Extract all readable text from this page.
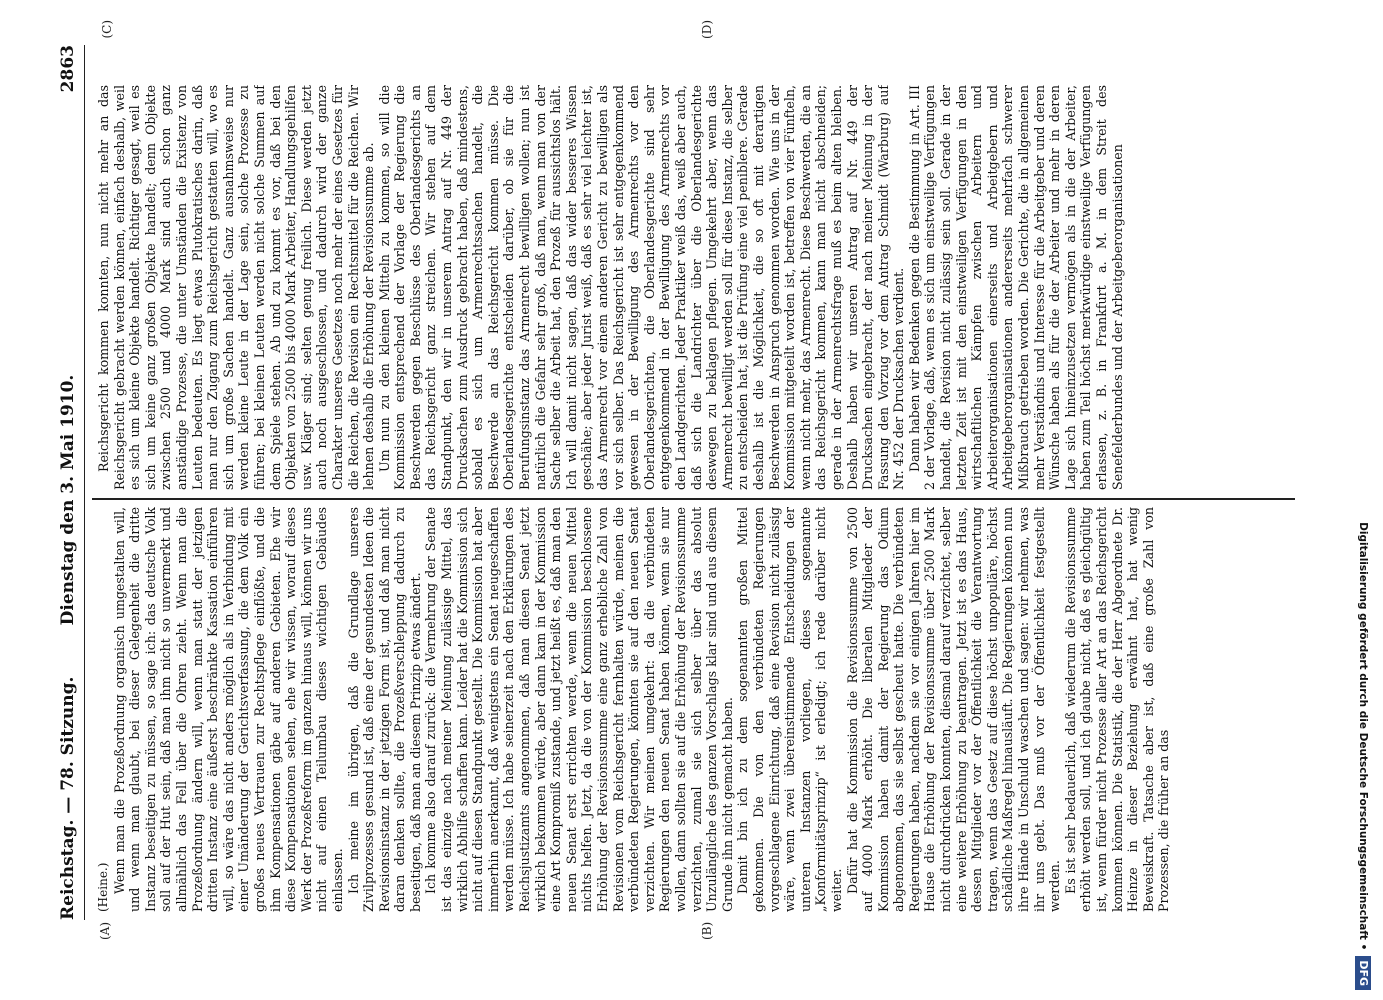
Reichstag. — 78. Sitzung.
Dienstag den 3. Mai 1910.
2863
(A)	(B)
(C)	(D)
(Heine.) Wenn man die Prozeßordnung organisch umgestalten will, und wenn man glaubt, bei dieser Gelegenheit die dritte Instanz beseitigen zu müssen, so sage ich: das deutsche Volk soll auf der Hut sein, daß man ihm nicht so unvermerkt und allmählich das Fell über die Ohren zieht. Wenn man die Prozeßordnung ändern will, wenn man statt der jetzigen dritten Instanz eine äußerst beschränkte Kassation einführen will, so wäre das nicht anders möglich als in Verbindung mit einer Umänderung der Gerichtsverfassung, die dem Volk ein großes neues Vertrauen zur Rechtspflege einflößte, und die ihm Kompensationen gäbe auf anderen Gebieten. Ehe wir diese Kompensationen sehen, ehe wir wissen, worauf dieses Werk der Prozeßreform im ganzen hinaus will, können wir uns nicht auf einen Teilumbau dieses wichtigen Gebäudes einlassen. Ich meine im übrigen, daß die Grundlage unseres Zivilprozesses gesund ist, daß eine der gesundesten Ideen die Revisionsinstanz in der jetzigen Form ist, und daß man nicht daran denken sollte, die Prozeßverschleppung dadurch zu beseitigen, daß man an diesem Prinzip etwas ändert. Ich komme also darauf zurück: die Vermehrung der Senate ist das einzige nach meiner Meinung zulässige Mittel, das wirklich Abhilfe schaffen kann. Leider hat die Kommission sich nicht auf diesen Standpunkt gestellt. Die Kommission hat aber immerhin anerkannt, daß wenigstens ein Senat neugeschaffen werden müsse. Ich habe seinerzeit nach den Erklärungen des Reichsjustizamts angenommen, daß man diesen Senat jetzt wirklich bekommen würde, aber dann kam in der Kommission eine Art Kompromiß zustande, und jetzt heißt es, daß man den neuen Senat erst errichten werde, wenn die neuen Mittel nichts helfen. Jetzt, da die von der Kommission beschlossene Erhöhung der Revisionssumme eine ganz erhebliche Zahl von Revisionen vom Reichsgericht fernhalten würde, meinen die verbündeten Regierungen, könnten sie auf den neuen Senat verzichten. Wir meinen umgekehrt: da die verbündeten Regierungen den neuen Senat haben können, wenn sie nur wollen, dann sollten sie auf die Erhöhung der Revisionssumme verzichten, zumal sie sich selber über das absolut Unzulängliche des ganzen Vorschlags klar sind und aus diesem Grunde ihn nicht gemacht haben. Damit bin ich zu dem sogenannten großen Mittel gekommen. Die von den verbündeten Regierungen vorgeschlagene Einrichtung, daß eine Revision nicht zulässig wäre, wenn zwei übereinstimmende Entscheidungen der unteren Instanzen vorliegen, dieses sogenannte „Konformitätsprinzip“ ist erledigt; ich rede darüber nicht weiter. Dafür hat die Kommission die Revisionssumme von 2500 auf 4000 Mark erhöht. Die liberalen Mitglieder der Kommission haben damit der Regierung das Odium abgenommen, das sie selbst gescheut hatte. Die verbündeten Regierungen haben, nachdem sie vor einigen Jahren hier im Hause die Erhöhung der Revisionssumme über 2500 Mark nicht durchdrücken konnten, diesmal darauf verzichtet, selber eine weitere Erhöhung zu beantragen. Jetzt ist es das Haus, dessen Mitglieder vor der Öffentlichkeit die Verantwortung tragen, wenn das Gesetz auf diese höchst unpopuläre, höchst schädliche Maßregel hinausläuft. Die Regierungen können nun ihre Hände in Unschuld waschen und sagen: wir nehmen, was ihr uns gebt. Das muß vor der Öffentlichkeit festgestellt werden. Es ist sehr bedauerlich, daß wiederum die Revisionssumme erhöht werden soll, und ich glaube nicht, daß es gleichgültig ist, wenn fürder nicht Prozesse aller Art an das Reichsgericht kommen können. Die Statistik, die der Herr Abgeordnete Dr. Heinze in dieser Beziehung erwähnt hat, hat wenig Beweiskraft. Tatsache aber ist, daß eine große Zahl von Prozessen, die früher an das

Reichsgericht kommen konnten, nun nicht mehr an das Reichsgericht gebracht werden können, einfach deshalb, weil es sich um kleine Objekte handelt. Richtiger gesagt, weil es sich um keine ganz großen Objekte handelt; denn Objekte zwischen 2500 und 4000 Mark sind auch schon ganz anständige Prozesse, die unter Umständen die Existenz von Leuten bedeuten. Es liegt etwas Plutokratisches darin, daß man nur den Zugang zum Reichsgericht gestatten will, wo es sich um große Sachen handelt. Ganz ausnahmsweise nur werden kleine Leute in der Lage sein, solche Prozesse zu führen; bei kleinen Leuten werden nicht solche Summen auf dem Spiele stehen. Ab und zu kommt es vor, daß bei den Objekten von 2500 bis 4000 Mark Arbeiter, Handlungsgehilfen usw. Kläger sind; selten genug freilich. Diese werden jetzt auch noch ausgeschlossen, und dadurch wird der ganze Charakter unseres Gesetzes noch mehr der eines Gesetzes für die Reichen, die Revision ein Rechtsmittel für die Reichen. Wir lehnen deshalb die Erhöhung der Revisionssumme ab. Um nun zu den kleinen Mitteln zu kommen, so will die Kommission entsprechend der Vorlage der Regierung die Beschwerden gegen Beschlüsse des Oberlandesgerichts an das Reichsgericht ganz streichen. Wir stehen auf dem Standpunkt, den wir in unserem Antrag auf Nr. 449 der Drucksachen zum Ausdruck gebracht haben, daß mindestens, sobald es sich um Armenrechtssachen handelt, die Beschwerde an das Reichsgericht kommen müsse. Die Oberlandesgerichte entscheiden darüber, ob sie für die Berufungsinstanz das Armenrecht bewilligen wollen; nun ist natürlich die Gefahr sehr groß, daß man, wenn man von der Sache selber die Arbeit hat, den Prozeß für aussichtslos hält. Ich will damit nicht sagen, daß das wider besseres Wissen geschähe; aber jeder Jurist weiß, daß es sehr viel leichter ist, das Armenrecht vor einem anderen Gericht zu bewilligen als vor sich selber. Das Reichsgericht ist sehr entgegenkommend gewesen in der Bewilligung des Armenrechts vor den Oberlandesgerichten, die Oberlandesgerichte sind sehr entgegenkommend in der Bewilligung des Armenrechts vor den Landgerichten. Jeder Praktiker weiß das, weiß aber auch, daß sich die Landrichter über die Oberlandesgerichte deswegen zu beklagen pflegen. Umgekehrt aber, wenn das Armenrecht bewilligt werden soll für diese Instanz, die selber zu entscheiden hat, ist die Prüfung eine viel peniblere. Gerade deshalb ist die Möglichkeit, die so oft mit derartigen Beschwerden in Anspruch genommen worden. Wie uns in der Kommission mitgeteilt worden ist, betreffen von vier Fünfteln, wenn nicht mehr, das Armenrecht. Diese Beschwerden, die an das Reichsgericht kommen, kann man nicht abschneiden; gerade in der Armenrechtsfrage muß es beim alten bleiben. Deshalb haben wir unseren Antrag auf Nr. 449 der Drucksachen eingebracht, der nach meiner Meinung in der Fassung den Vorzug vor dem Antrag Schmidt (Warburg) auf Nr. 452 der Drucksachen verdient. Dann haben wir Bedenken gegen die Bestimmung in Art. III 2 der Vorlage, daß, wenn es sich um einstweilige Verfügungen handelt, die Revision nicht zulässig sein soll. Gerade in der letzten Zeit ist mit den einstweiligen Verfügungen in den wirtschaftlichen Kämpfen zwischen Arbeitern und Arbeiterorganisationen einerseits und Arbeitgebern und Arbeitgeberorganisationen andererseits mehrfach schwerer Mißbrauch getrieben worden. Die Gerichte, die in allgemeinen mehr Verständnis und Interesse für die Arbeitgeber und deren Wünsche haben als für die der Arbeiter und mehr in deren Lage sich hineinzusetzen vermögen als in die der Arbeiter, haben zum Teil höchst merkwürdige einstweilige Verfügungen erlassen, z. B. in Frankfurt a. M. in dem Streit des Senefelderbundes und der Arbeitgeberorganisationen

Digitalisierung gefördert durch die Deutsche Forschungsgemeinschaft •DFG
